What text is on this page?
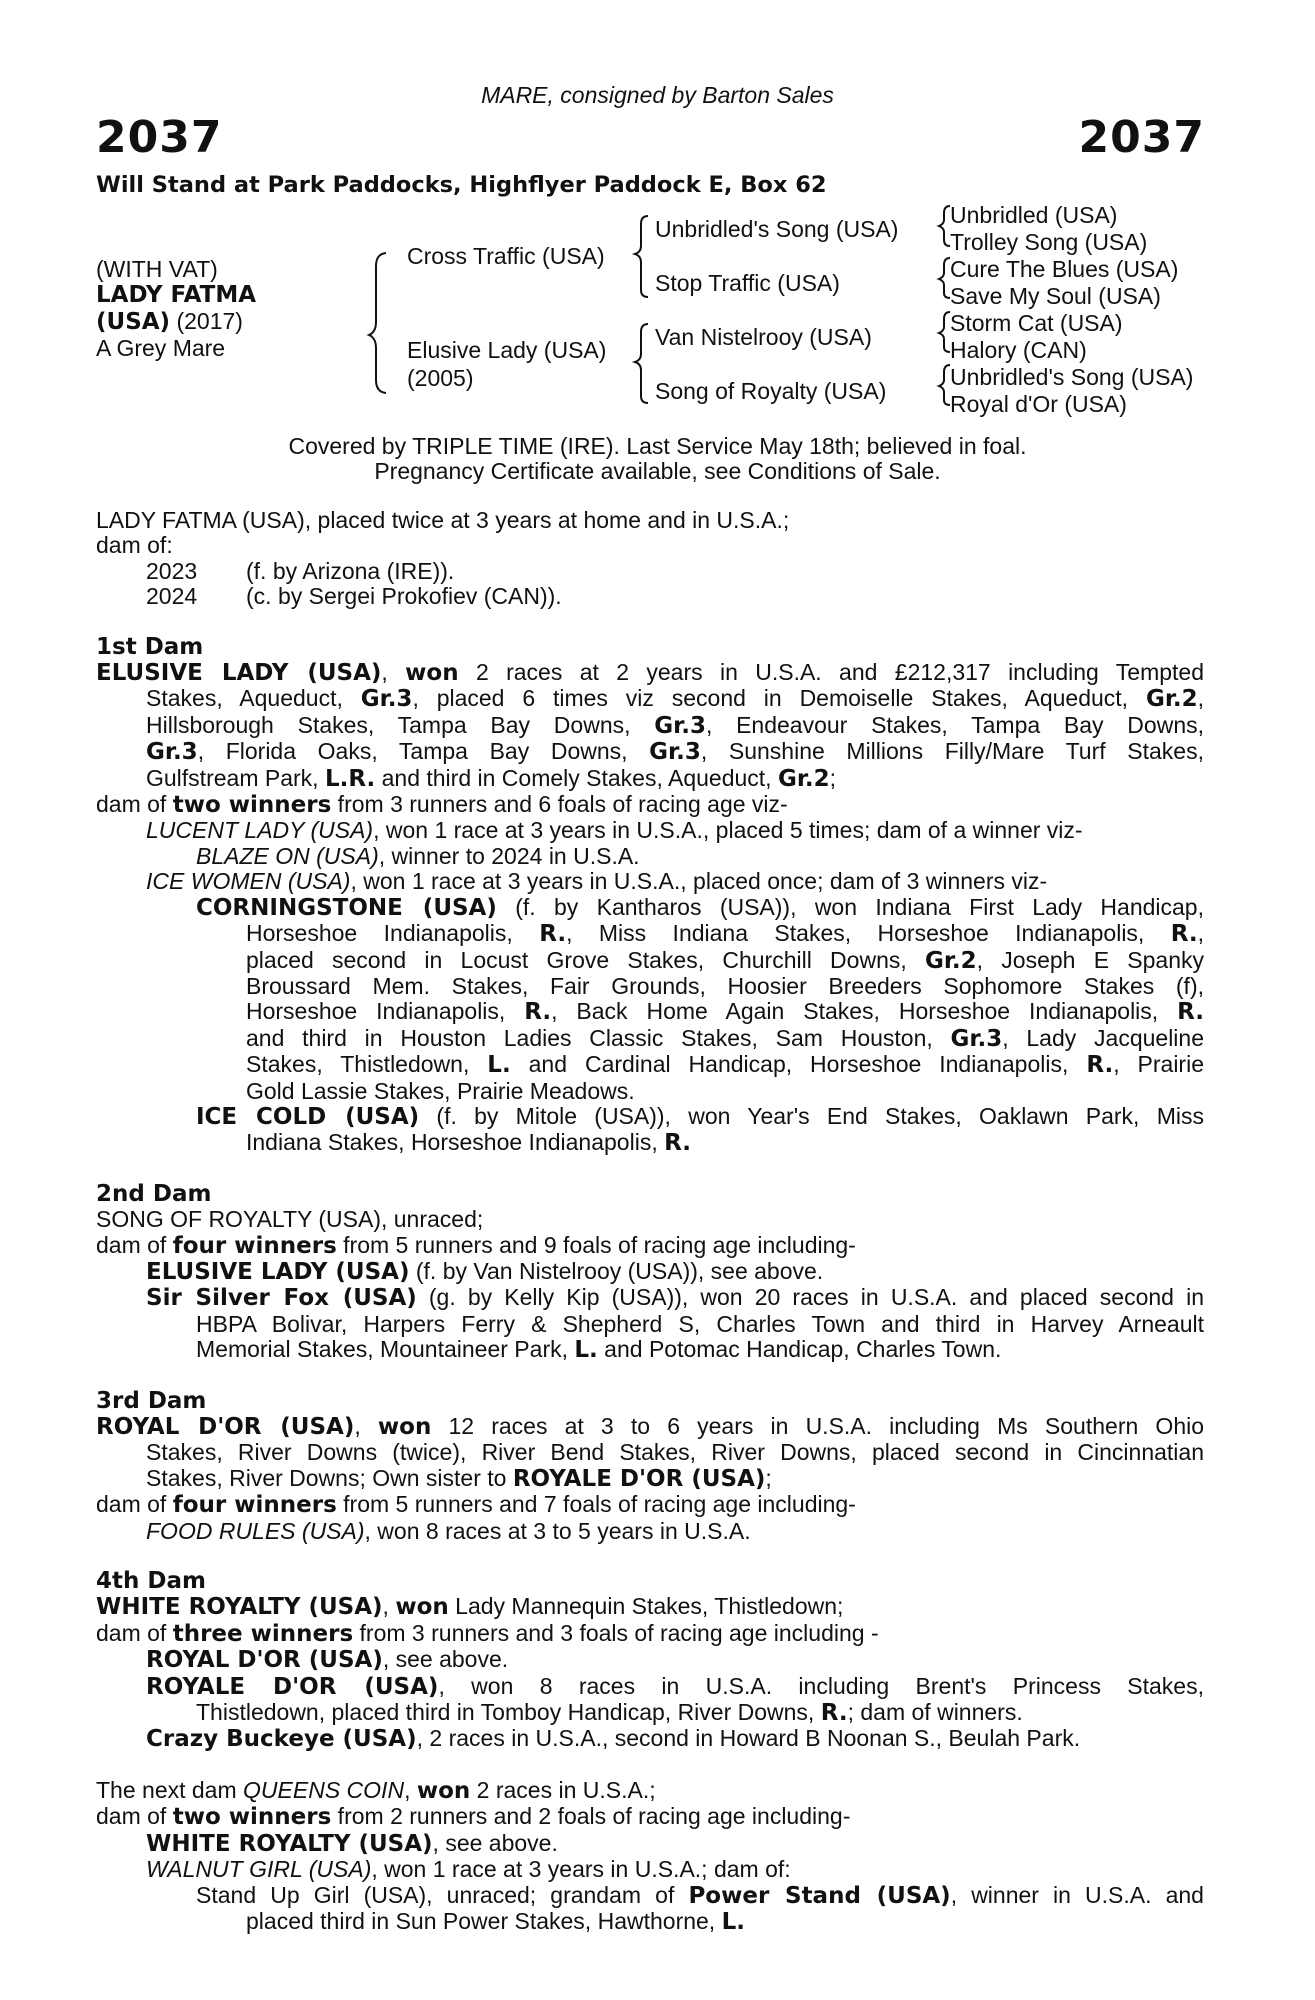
MARE, consigned by Barton Sales
2037	2037
Will Stand at Park Paddocks, Highflyer Paddock E, Box 62
(WITH VAT)
LADY FATMA
(USA) (2017)
A Grey Mare
Cross Traffic (USA)
Elusive Lady (USA)
(2005)
Unbridled's Song (USA)
Stop Traffic (USA)
Van Nistelrooy (USA)
Song of Royalty (USA)
Unbridled (USA)
Trolley Song (USA)
Cure The Blues (USA)
Save My Soul (USA)
Storm Cat (USA)
Halory (CAN)
Unbridled's Song (USA)
Royal d'Or (USA)
Covered by TRIPLE TIME (IRE). Last Service May 18th; believed in foal.
Pregnancy Certificate available, see Conditions of Sale.
LADY FATMA (USA), placed twice at 3 years at home and in U.S.A.;
dam of:
2023 (f. by Arizona (IRE)).
2024 (c. by Sergei Prokofiev (CAN)).
1st Dam
ELUSIVE LADY (USA), won 2 races at 2 years in U.S.A. and £212,317 including Tempted
Stakes, Aqueduct, Gr.3, placed 6 times viz second in Demoiselle Stakes, Aqueduct, Gr.2,
Hillsborough Stakes, Tampa Bay Downs, Gr.3, Endeavour Stakes, Tampa Bay Downs,
Gr.3, Florida Oaks, Tampa Bay Downs, Gr.3, Sunshine Millions Filly/Mare Turf Stakes,
Gulfstream Park, L.R. and third in Comely Stakes, Aqueduct, Gr.2;
dam of two winners from 3 runners and 6 foals of racing age viz-
LUCENT LADY (USA), won 1 race at 3 years in U.S.A., placed 5 times; dam of a winner viz-
BLAZE ON (USA), winner to 2024 in U.S.A.
ICE WOMEN (USA), won 1 race at 3 years in U.S.A., placed once; dam of 3 winners viz-
CORNINGSTONE (USA) (f. by Kantharos (USA)), won Indiana First Lady Handicap,
Horseshoe Indianapolis, R., Miss Indiana Stakes, Horseshoe Indianapolis, R.,
placed second in Locust Grove Stakes, Churchill Downs, Gr.2, Joseph E Spanky
Broussard Mem. Stakes, Fair Grounds, Hoosier Breeders Sophomore Stakes (f),
Horseshoe Indianapolis, R., Back Home Again Stakes, Horseshoe Indianapolis, R.
and third in Houston Ladies Classic Stakes, Sam Houston, Gr.3, Lady Jacqueline
Stakes, Thistledown, L. and Cardinal Handicap, Horseshoe Indianapolis, R., Prairie
Gold Lassie Stakes, Prairie Meadows.
ICE COLD (USA) (f. by Mitole (USA)), won Year's End Stakes, Oaklawn Park, Miss
Indiana Stakes, Horseshoe Indianapolis, R.
2nd Dam
SONG OF ROYALTY (USA), unraced;
dam of four winners from 5 runners and 9 foals of racing age including-
ELUSIVE LADY (USA) (f. by Van Nistelrooy (USA)), see above.
Sir Silver Fox (USA) (g. by Kelly Kip (USA)), won 20 races in U.S.A. and placed second in
HBPA Bolivar, Harpers Ferry & Shepherd S, Charles Town and third in Harvey Arneault
Memorial Stakes, Mountaineer Park, L. and Potomac Handicap, Charles Town.
3rd Dam
ROYAL D'OR (USA), won 12 races at 3 to 6 years in U.S.A. including Ms Southern Ohio
Stakes, River Downs (twice), River Bend Stakes, River Downs, placed second in Cincinnatian
Stakes, River Downs; Own sister to ROYALE D'OR (USA);
dam of four winners from 5 runners and 7 foals of racing age including-
FOOD RULES (USA), won 8 races at 3 to 5 years in U.S.A.
4th Dam
WHITE ROYALTY (USA), won Lady Mannequin Stakes, Thistledown;
dam of three winners from 3 runners and 3 foals of racing age including -
ROYAL D'OR (USA), see above.
ROYALE D'OR (USA), won 8 races in U.S.A. including Brent's Princess Stakes,
Thistledown, placed third in Tomboy Handicap, River Downs, R.; dam of winners.
Crazy Buckeye (USA), 2 races in U.S.A., second in Howard B Noonan S., Beulah Park.
The next dam QUEENS COIN, won 2 races in U.S.A.;
dam of two winners from 2 runners and 2 foals of racing age including-
WHITE ROYALTY (USA), see above.
WALNUT GIRL (USA), won 1 race at 3 years in U.S.A.; dam of:
Stand Up Girl (USA), unraced; grandam of Power Stand (USA), winner in U.S.A. and
placed third in Sun Power Stakes, Hawthorne, L.
